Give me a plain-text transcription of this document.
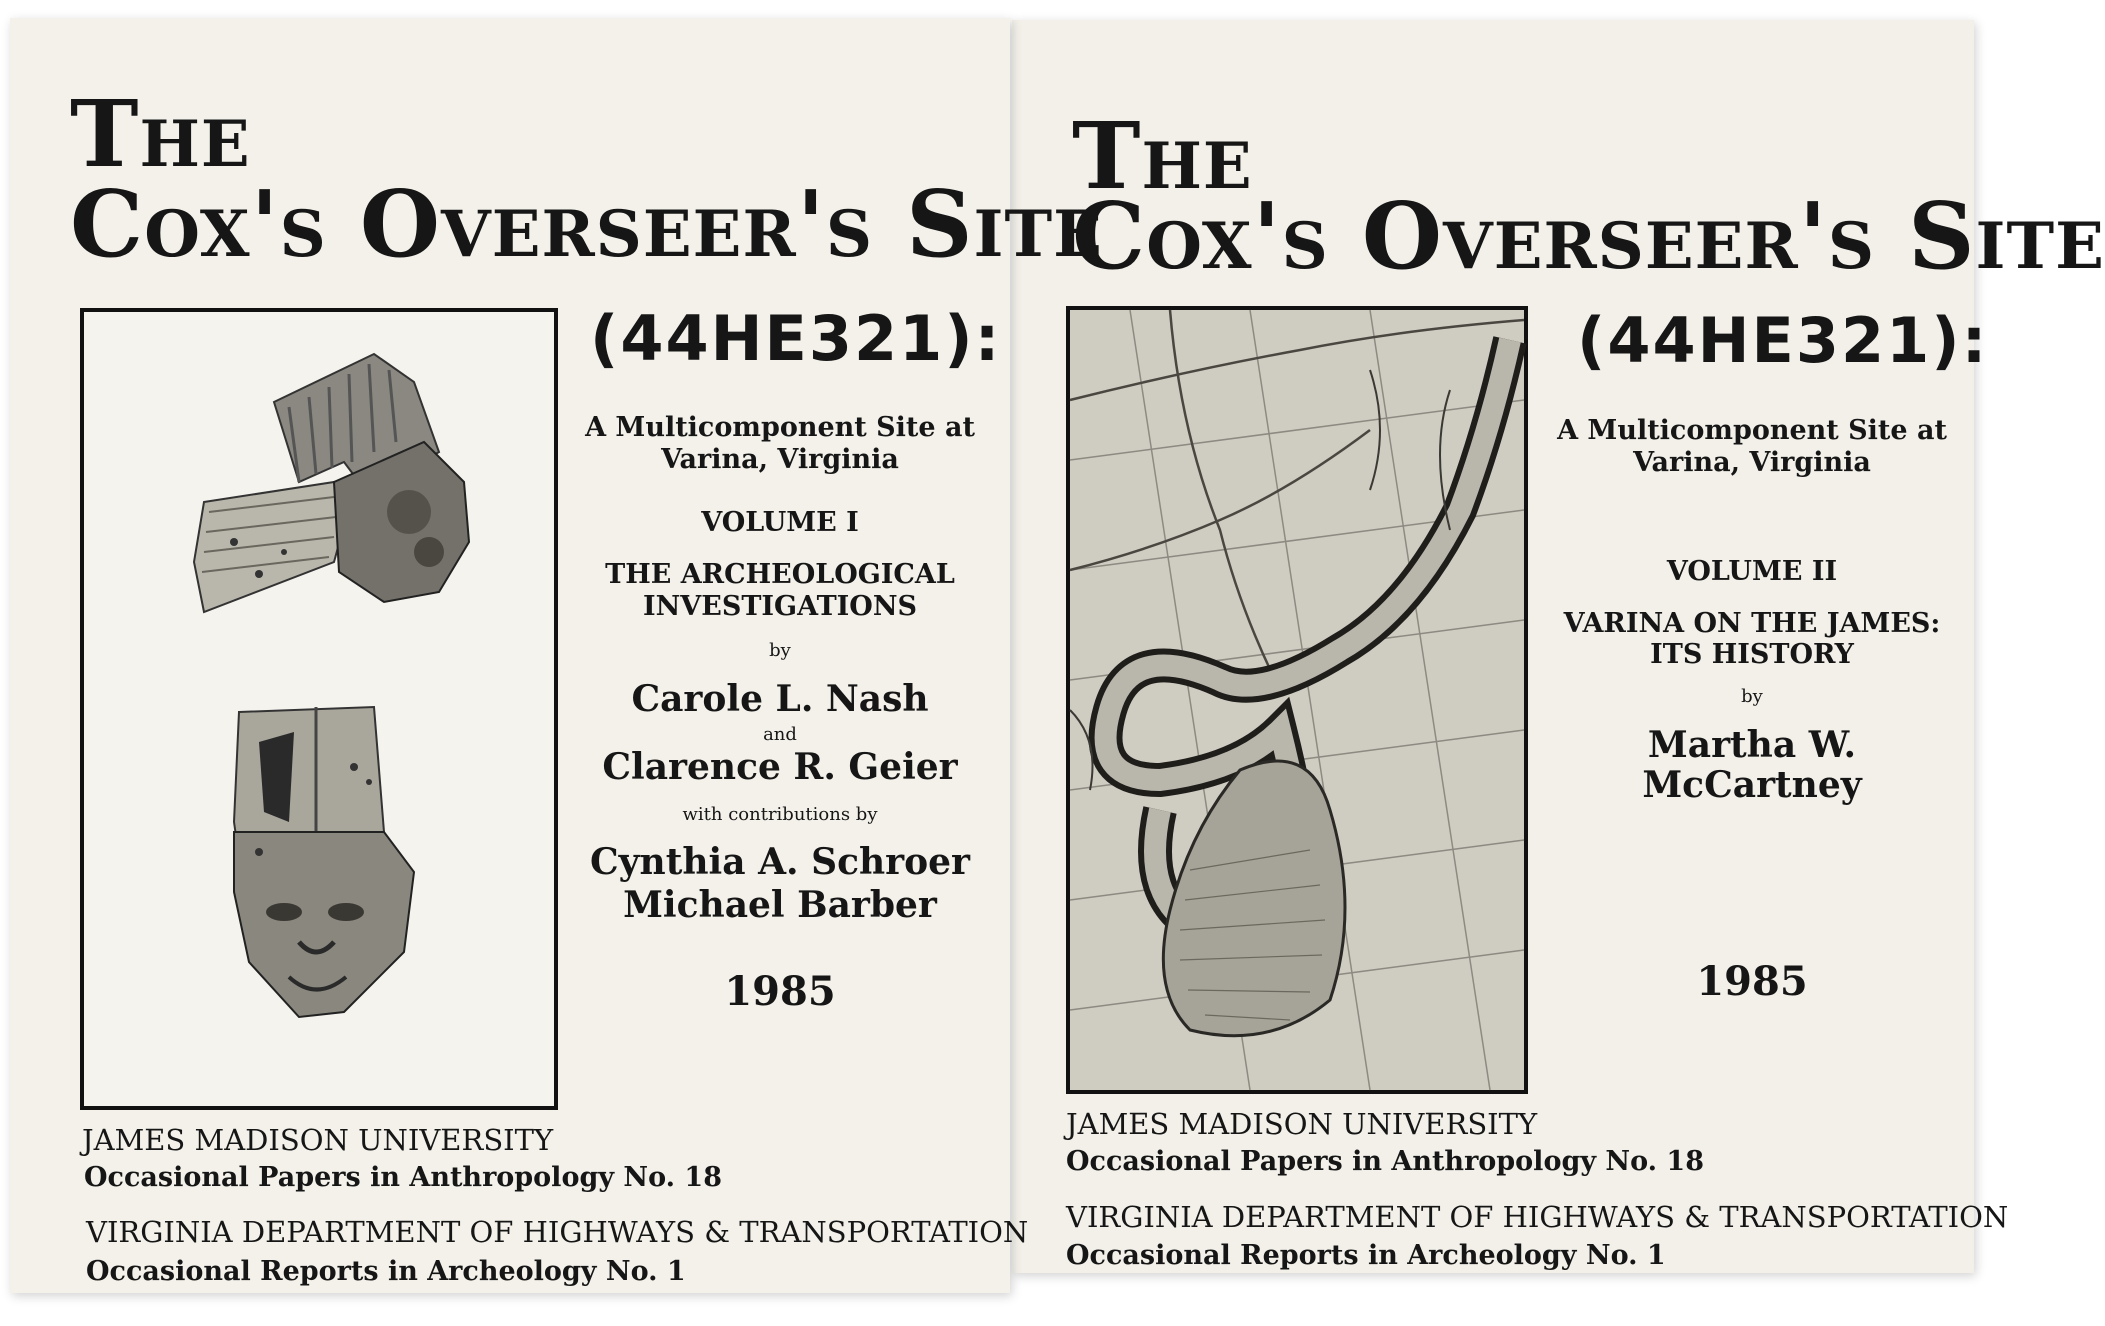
The

Cox's Overseer's Site

(44HE321):

A Multicomponent Site at

Varina, Virginia

VOLUME I

THE ARCHEOLOGICAL

INVESTIGATIONS

by

Carole L. Nash

and

Clarence R. Geier

with contributions by

Cynthia A. Schroer

Michael Barber

1985

JAMES MADISON UNIVERSITY

Occasional Papers in Anthropology No. 18

VIRGINIA DEPARTMENT OF HIGHWAYS & TRANSPORTATION

Occasional Reports in Archeology No. 1

The

Cox's Overseer's Site

(44HE321):

A Multicomponent Site at

Varina, Virginia

VOLUME II

VARINA ON THE JAMES:

ITS HISTORY

by

Martha W. McCartney

1985

JAMES MADISON UNIVERSITY

Occasional Papers in Anthropology No. 18

VIRGINIA DEPARTMENT OF HIGHWAYS & TRANSPORTATION

Occasional Reports in Archeology No. 1
